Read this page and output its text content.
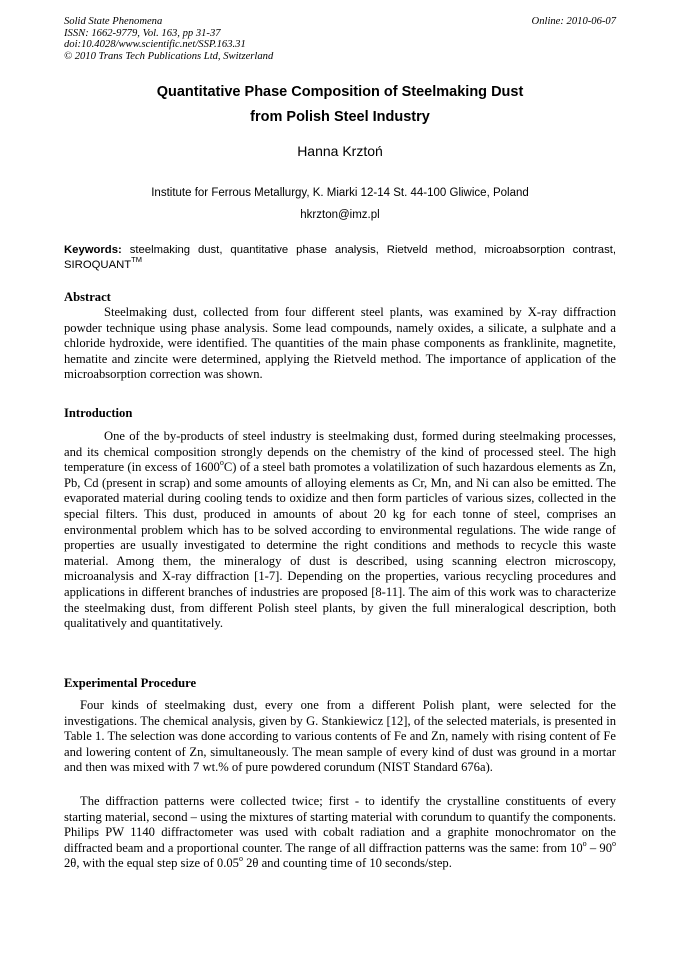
Solid State Phenomena
ISSN: 1662-9779, Vol. 163, pp 31-37
doi:10.4028/www.scientific.net/SSP.163.31
© 2010 Trans Tech Publications Ltd, Switzerland
Online: 2010-06-07
Quantitative Phase Composition of Steelmaking Dust
from Polish Steel Industry
Hanna Krztoń
Institute for Ferrous Metallurgy, K. Miarki 12-14 St. 44-100 Gliwice, Poland
hkrzton@imz.pl
Keywords: steelmaking dust, quantitative phase analysis, Rietveld method, microabsorption contrast, SIROQUANT™
Abstract

Steelmaking dust, collected from four different steel plants, was examined by X-ray diffraction powder technique using phase analysis. Some lead compounds, namely oxides, a silicate, a sulphate and a chloride hydroxide, were identified. The quantities of the main phase components as franklinite, magnetite, hematite and zincite were determined, applying the Rietveld method. The importance of application of the microabsorption correction was shown.

Introduction

One of the by-products of steel industry is steelmaking dust, formed during steelmaking processes, and its chemical composition strongly depends on the chemistry of the kind of processed steel. The high temperature (in excess of 1600$^o$C) of a steel bath promotes a volatilization of such hazardous elements as Zn, Pb, Cd (present in scrap) and some amounts of alloying elements as Cr, Mn, and Ni can also be emitted. The evaporated material during cooling tends to oxidize and then form particles of various sizes, collected in the special filters. This dust, produced in amounts of about 20 kg for each tonne of steel, comprises an environmental problem which has to be solved according to environmental regulations. The wide range of properties are usually investigated to determine the right conditions and methods to recycle this waste material. Among them, the mineralogy of dust is described, using scanning electron microscopy, microanalysis and X-ray diffraction [1-7]. Depending on the properties, various recycling procedures and applications in different branches of industries are proposed [8-11]. The aim of this work was to characterize the steelmaking dust, from different Polish steel plants, by given the full mineralogical description, both qualitatively and quantitatively.

Experimental Procedure

Four kinds of steelmaking dust, every one from a different Polish plant, were selected for the investigations. The chemical analysis, given by G. Stankiewicz [12], of the selected materials, is presented in Table 1. The selection was done according to various contents of Fe and Zn, namely with rising content of Fe and lowering content of Zn, simultaneously. The mean sample of every kind of dust was ground in a mortar and then was mixed with 7 wt.% of pure powdered corundum (NIST Standard 676a).

The diffraction patterns were collected twice; first - to identify the crystalline constituents of every starting material, second – using the mixtures of starting material with corundum to quantify the components. Philips PW 1140 diffractometer was used with cobalt radiation and a graphite monochromator on the diffracted beam and a proportional counter. The range of all diffraction patterns was the same: from 10$^o$ – 90$^o$ 2θ, with the equal step size of 0.05$^o$ 2θ and counting time of 10 seconds/step.
